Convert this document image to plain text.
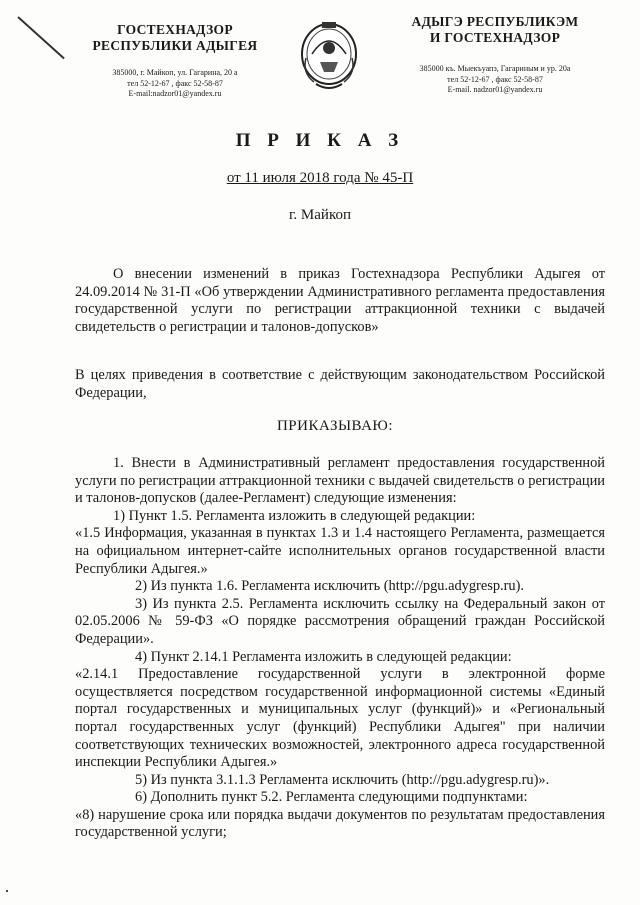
ГОСТЕХНАДЗОР
РЕСПУБЛИКИ АДЫГЕЯ
385000, г. Майкоп, ул. Гагарина, 20 а
тел 52-12-67 , факс 52-58-87
E-mail:nadzor01@yandex.ru
АДЫГЭ РЕСПУБЛИКЭМ
И ГОСТЕХНАДЗОР
385000 къ. Мыекъуапэ, Гагариным и ур. 20а
тел 52-12-67 , факс 52-58-87
E-mail. nadzor01@yandex.ru
П Р И К А З
от 11 июля 2018 года № 45-П
г. Майкоп
О внесении изменений в приказ Гостехнадзора Республики Адыгея от 24.09.2014 № 31-П «Об утверждении Административного регламента предоставления государственной услуги по регистрации аттракционной техники с выдачей свидетельств о регистрации и талонов-допусков»
В целях приведения в соответствие с действующим законодательством Российской Федерации,
ПРИКАЗЫВАЮ:

1. Внести в Административный регламент предоставления государственной услуги по регистрации аттракционной техники с выдачей свидетельств о регистрации и талонов-допусков (далее-Регламент) следующие изменения:

1) Пункт 1.5. Регламента изложить в следующей редакции:

«1.5 Информация, указанная в пунктах 1.3 и 1.4 настоящего Регламента, размещается на официальном интернет-сайте исполнительных органов государственной власти Республики Адыгея.»

2) Из пункта 1.6. Регламента исключить (http://pgu.adygresp.ru).

3) Из пункта 2.5. Регламента исключить ссылку на Федеральный закон от 02.05.2006 № 59-ФЗ «О порядке рассмотрения обращений граждан Российской Федерации».

4) Пункт 2.14.1 Регламента изложить в следующей редакции:

«2.14.1 Предоставление государственной услуги в электронной форме осуществляется посредством государственной информационной системы «Единый портал государственных и муниципальных услуг (функций)» и «Региональный портал государственных услуг (функций) Республики Адыгея" при наличии соответствующих технических возможностей, электронного адреса государственной инспекции Республики Адыгея.»

5) Из пункта 3.1.1.3 Регламента исключить (http://pgu.adygresp.ru)».

6) Дополнить пункт 5.2. Регламента следующими подпунктами:

«8) нарушение срока или порядка выдачи документов по результатам предоставления государственной услуги;
